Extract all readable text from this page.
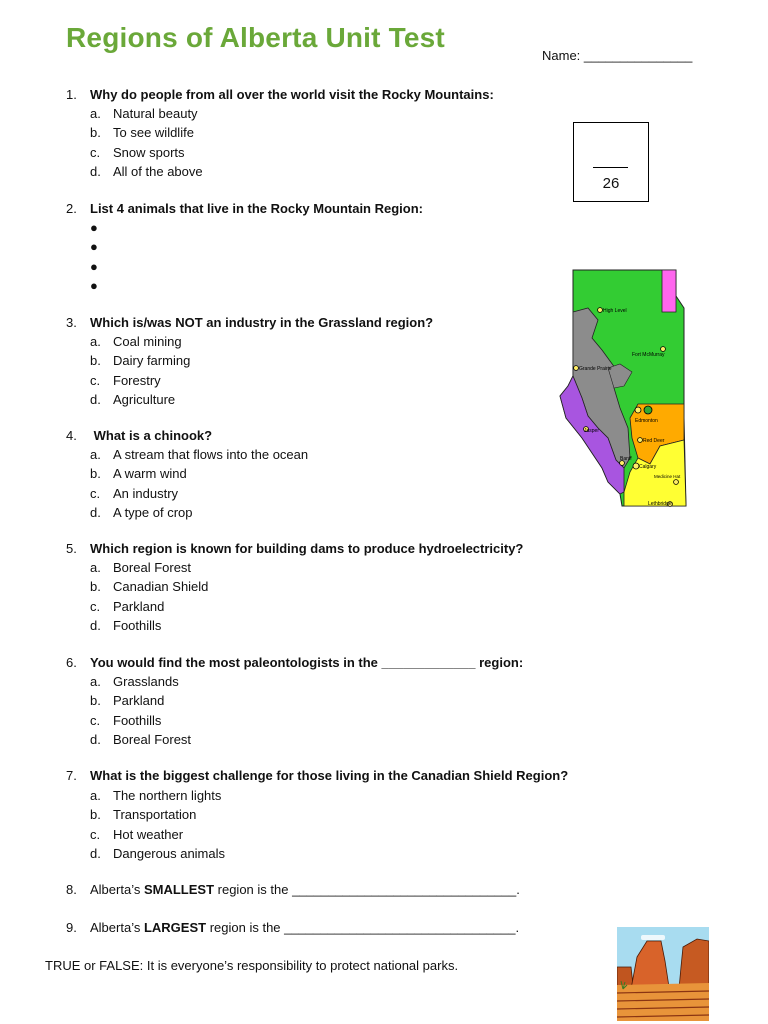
Regions of Alberta Unit Test
Name: _______________
26
1. Why do people from all over the world visit the Rocky Mountains:
a. Natural beauty
b. To see wildlife
c. Snow sports
d. All of the above
2. List 4 animals that live in the Rocky Mountain Region:
●
●
●
●
3. Which is/was NOT an industry in the Grassland region?
a. Coal mining
b. Dairy farming
c. Forestry
d. Agriculture
4. What is a chinook?
a. A stream that flows into the ocean
b. A warm wind
c. An industry
d. A type of crop
5. Which region is known for building dams to produce hydroelectricity?
a. Boreal Forest
b. Canadian Shield
c. Parkland
d. Foothills
6. You would find the most paleontologists in the _____________ region:
a. Grasslands
b. Parkland
c. Foothills
d. Boreal Forest
7. What is the biggest challenge for those living in the Canadian Shield Region?
a. The northern lights
b. Transportation
c. Hot weather
d. Dangerous animals
8. Alberta’s SMALLEST region is the _______________________________.
9. Alberta’s LARGEST region is the ________________________________.
TRUE or FALSE: It is everyone’s responsibility to protect national parks.
High Level
Fort McMurray
Grande Prairie
Edmonton
Jasper
Red Deer
Banff
Calgary
Medicine Hat
Lethbridge
